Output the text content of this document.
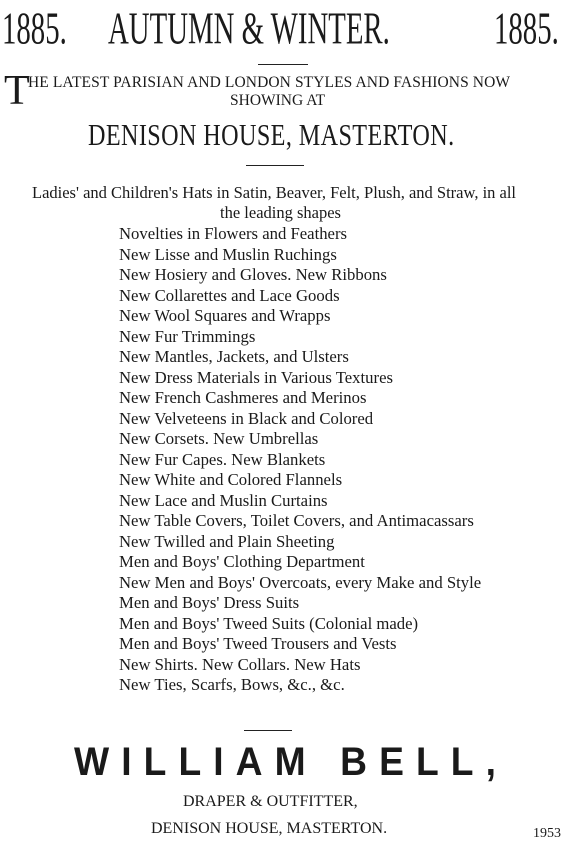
1885. AUTUMN & WINTER.	1885.
T
HE LATEST PARISIAN AND LONDON STYLES AND FASHIONS NOW
SHOWING AT
DENISON HOUSE, MASTERTON.
Ladies' and Children's Hats in Satin, Beaver, Felt, Plush, and Straw, in all
the leading shapes
Novelties in Flowers and Feathers
New Lisse and Muslin Ruchings
New Hosiery and Gloves. New Ribbons
New Collarettes and Lace Goods
New Wool Squares and Wrapps
New Fur Trimmings
New Mantles, Jackets, and Ulsters
New Dress Materials in Various Textures
New French Cashmeres and Merinos
New Velveteens in Black and Colored
New Corsets. New Umbrellas
New Fur Capes. New Blankets
New White and Colored Flannels
New Lace and Muslin Curtains
New Table Covers, Toilet Covers, and Antimacassars
New Twilled and Plain Sheeting
Men and Boys' Clothing Department
New Men and Boys' Overcoats, every Make and Style
Men and Boys' Dress Suits
Men and Boys' Tweed Suits (Colonial made)
Men and Boys' Tweed Trousers and Vests
New Shirts. New Collars. New Hats
New Ties, Scarfs, Bows, &c., &c.
WILLIAM BELL,
DRAPER & OUTFITTER,
DENISON HOUSE, MASTERTON.	1953
